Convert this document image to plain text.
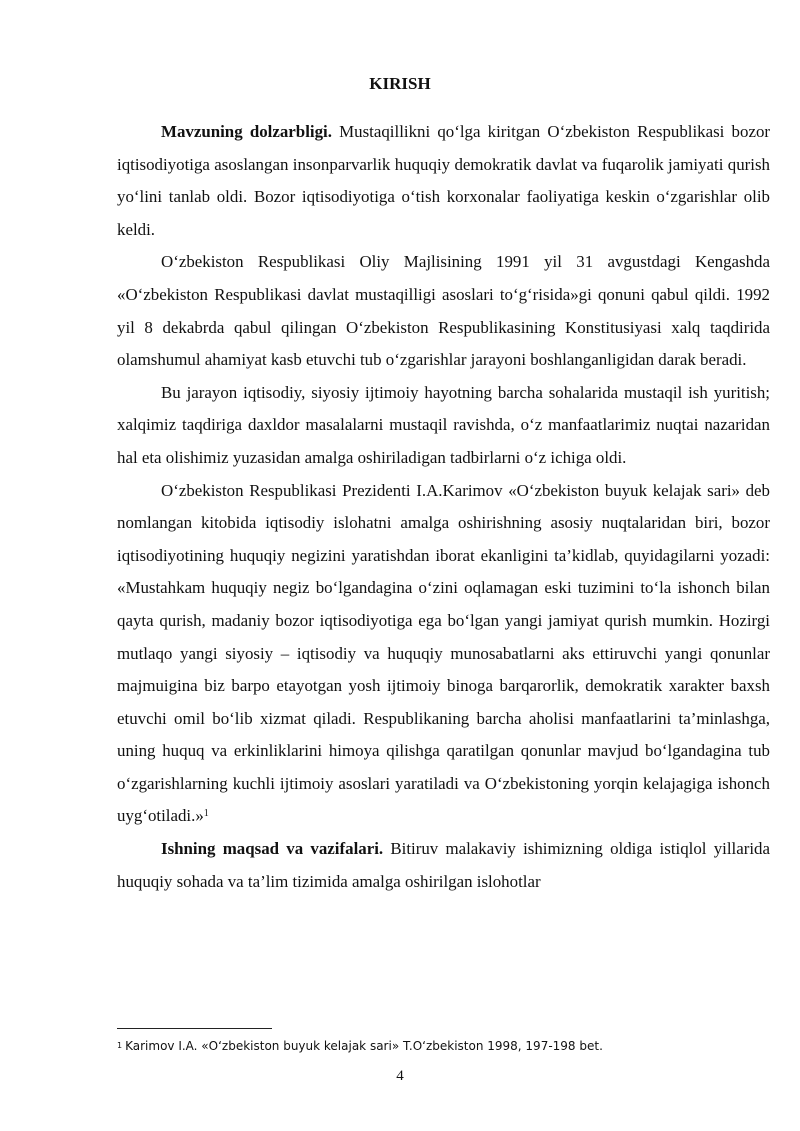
KIRISH

Mavzuning dolzarbligi. Mustaqillikni qo‘lga kiritgan O‘zbekiston Respublikasi bozor iqtisodiyotiga asoslangan insonparvarlik huquqiy demokratik davlat va fuqarolik jamiyati qurish yo‘lini tanlab oldi. Bozor iqtisodiyotiga o‘tish korxonalar faoliyatiga keskin o‘zgarishlar olib keldi.

O‘zbekiston Respublikasi Oliy Majlisining 1991 yil 31 avgustdagi Kengashda «O‘zbekiston Respublikasi davlat mustaqilligi asoslari to‘g‘risida»gi qonuni qabul qildi. 1992 yil 8 dekabrda qabul qilingan O‘zbekiston Respublikasining Konstitusiyasi xalq taqdirida olamshumul ahamiyat kasb etuvchi tub o‘zgarishlar jarayoni boshlanganligidan darak beradi.

Bu jarayon iqtisodiy, siyosiy ijtimoiy hayotning barcha sohalarida mustaqil ish yuritish; xalqimiz taqdiriga daxldor masalalarni mustaqil ravishda, o‘z manfaatlarimiz nuqtai nazaridan hal eta olishimiz yuzasidan amalga oshiriladigan tadbirlarni o‘z ichiga oldi.

O‘zbekiston Respublikasi Prezidenti I.A.Karimov «O‘zbekiston buyuk kelajak sari» deb nomlangan kitobida iqtisodiy islohatni amalga oshirishning asosiy nuqtalaridan biri, bozor iqtisodiyotining huquqiy negizini yaratishdan iborat ekanligini ta’kidlab, quyidagilarni yozadi: «Mustahkam huquqiy negiz bo‘lgandagina o‘zini oqlamagan eski tuzimini to‘la ishonch bilan qayta qurish, madaniy bozor iqtisodiyotiga ega bo‘lgan yangi jamiyat qurish mumkin. Hozirgi mutlaqo yangi siyosiy – iqtisodiy va huquqiy munosabatlarni aks ettiruvchi yangi qonunlar majmuigina biz barpo etayotgan yosh ijtimoiy binoga barqarorlik, demokratik xarakter baxsh etuvchi omil bo‘lib xizmat qiladi. Respublikaning barcha aholisi manfaatlarini ta’minlashga, uning huquq va erkinliklarini himoya qilishga qaratilgan qonunlar mavjud bo‘lgandagina tub o‘zgarishlarning kuchli ijtimoiy asoslari yaratiladi va O‘zbekistoning yorqin kelajagiga ishonch uyg‘otiladi.»$^1$

Ishning maqsad va vazifalari. Bitiruv malakaviy ishimizning oldiga istiqlol yillarida huquqiy sohada va ta’lim tizimida amalga oshirilgan islohotlar

$^1$ Karimov I.A. «O‘zbekiston buyuk kelajak sari» T.O‘zbekiston 1998, 197-198 bet.
4
